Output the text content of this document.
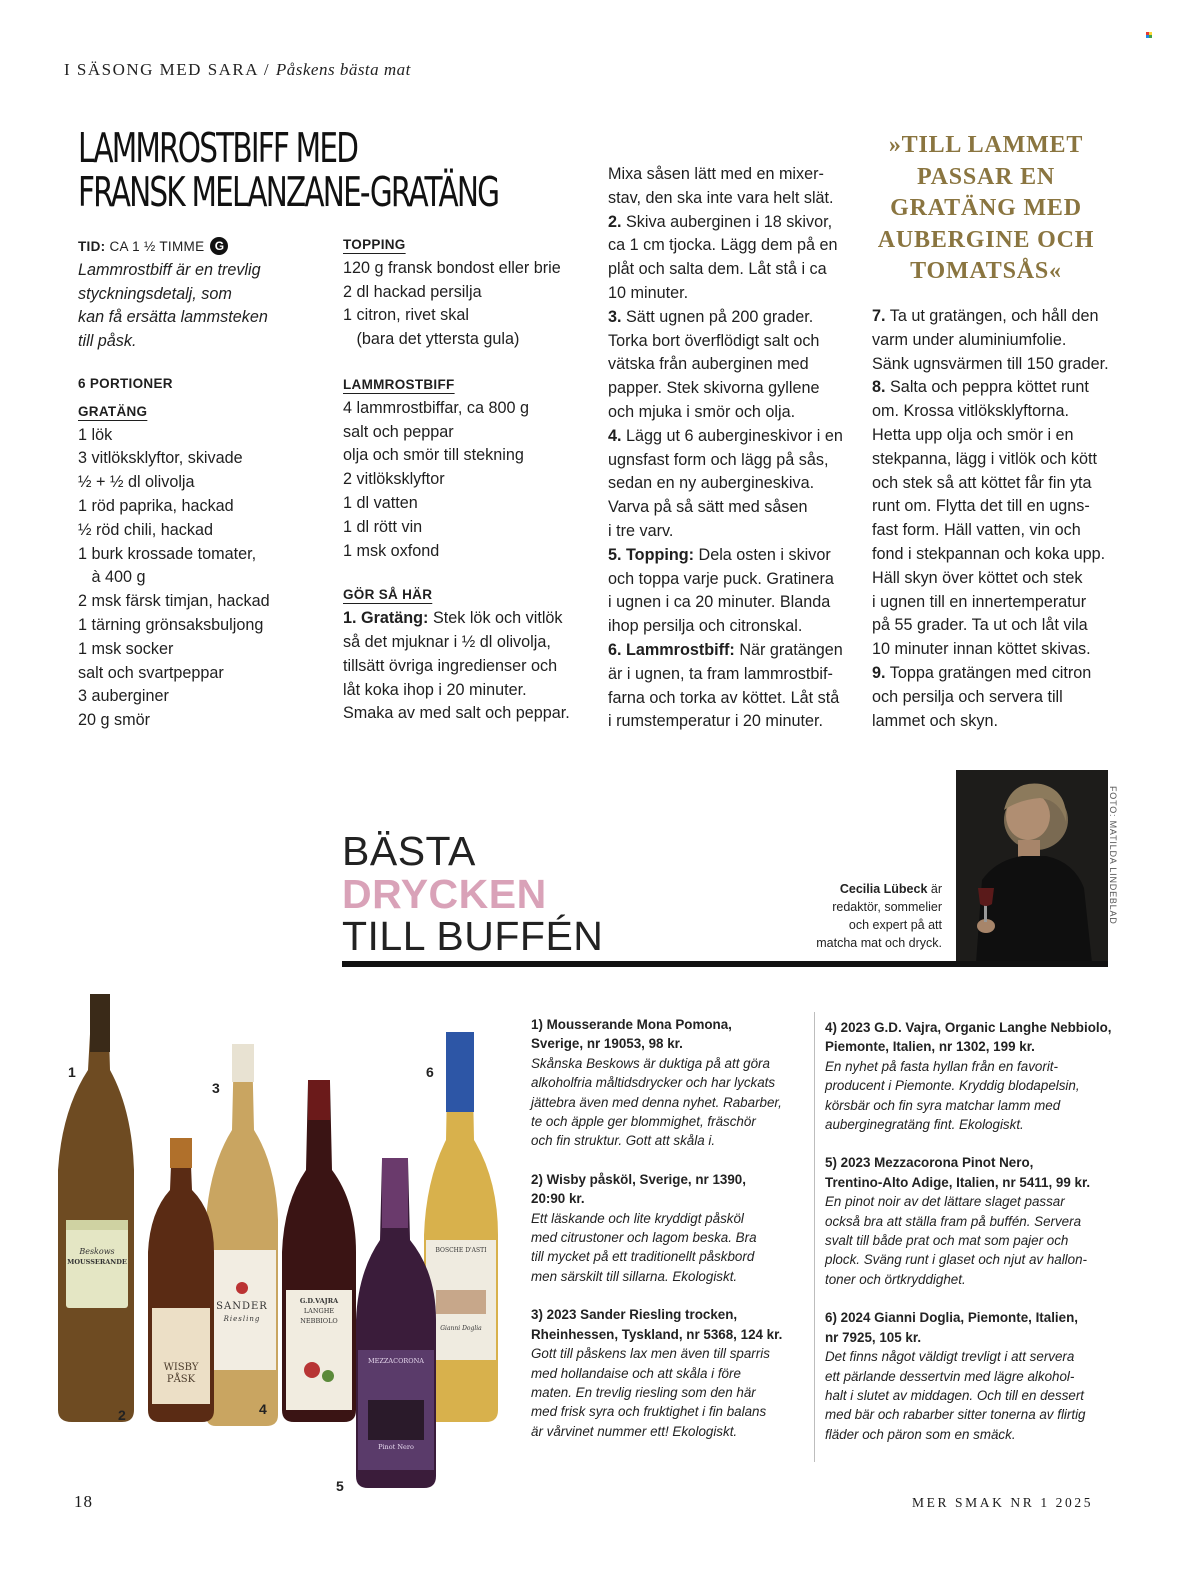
I SÄSONG MED SARA / Påskens bästa mat
LAMMROSTBIFF MED
FRANSK MELANZANE-GRATÄNG

TID: CA 1 ½ TIMME G

Lammrostbiff är en trevlig

styckningsdetalj, som

kan få ersätta lammsteken

till påsk.

6 PORTIONER

GRATÄNG

1 lök

3 vitlöksklyftor, skivade

½ + ½ dl olivolja

1 röd paprika, hackad

½ röd chili, hackad

1 burk krossade tomater,

à 400 g

2 msk färsk timjan, hackad

1 tärning grönsaksbuljong

1 msk socker

salt och svartpeppar

3 auberginer

20 g smör

TOPPING

120 g fransk bondost eller brie

2 dl hackad persilja

1 citron, rivet skal

(bara det yttersta gula)

LAMMROSTBIFF

4 lammrostbiffar, ca 800 g

salt och peppar

olja och smör till stekning

2 vitlöksklyftor

1 dl vatten

1 dl rött vin

1 msk oxfond

GÖR SÅ HÄR

1. Gratäng: Stek lök och vitlök

så det mjuknar i ½ dl olivolja,

tillsätt övriga ingredienser och

låt koka ihop i 20 minuter.

Smaka av med salt och peppar.

Mixa såsen lätt med en mixer-

stav, den ska inte vara helt slät.

2. Skiva auberginen i 18 skivor,

ca 1 cm tjocka. Lägg dem på en

plåt och salta dem. Låt stå i ca

10 minuter.

3. Sätt ugnen på 200 grader.

Torka bort överflödigt salt och

vätska från auberginen med

papper. Stek skivorna gyllene

och mjuka i smör och olja.

4. Lägg ut 6 aubergineskivor i en

ugnsfast form och lägg på sås,

sedan en ny aubergineskiva.

Varva på så sätt med såsen

i tre varv.

5. Topping: Dela osten i skivor

och toppa varje puck. Gratinera

i ugnen i ca 20 minuter. Blanda

ihop persilja och citronskal.

6. Lammrostbiff: När gratängen

är i ugnen, ta fram lammrostbif-

farna och torka av köttet. Låt stå

i rumstemperatur i 20 minuter.

»TILL LAMMET
PASSAR EN
GRATÄNG MED
AUBERGINE OCH
TOMATSÅS«

7. Ta ut gratängen, och håll den

varm under aluminiumfolie.

Sänk ugnsvärmen till 150 grader.

8. Salta och peppra köttet runt

om. Krossa vitlöksklyftorna.

Hetta upp olja och smör i en

stekpanna, lägg i vitlök och kött

och stek så att köttet får fin yta

runt om. Flytta det till en ugns-

fast form. Häll vatten, vin och

fond i stekpannan och koka upp.

Häll skyn över köttet och stek

i ugnen till en innertemperatur

på 55 grader. Ta ut och låt vila

10 minuter innan köttet skivas.

9. Toppa gratängen med citron

och persilja och servera till

lammet och skyn.

BÄSTA
DRYCKEN
TILL BUFFÉN
Cecilia Lübeck är
redaktör, sommelier
och expert på att
matcha mat och dryck.
FOTO: MATILDA LINDEBLAD
Beskows
MOUSSERANDE
WISBY
PÅSK
SANDER
Riesling
G.D.VAJRA
LANGHE NEBBIOLO
MEZZACORONA
Pinot Nero
BOSCHE D'ASTI
Gianni Doglia
1
2
3
4
5
6
1) Mousserande Mona Pomona,
Sverige, nr 19053, 98 kr.
Skånska Beskows är duktiga på att göra
alkoholfria måltidsdrycker och har lyckats
jättebra även med denna nyhet. Rabarber,
te och äpple ger blommighet, fräschör
och fin struktur. Gott att skåla i.
2) Wisby påsköl, Sverige, nr 1390,
20:90 kr.
Ett läskande och lite kryddigt påsköl
med citrustoner och lagom beska. Bra
till mycket på ett traditionellt påskbord
men särskilt till sillarna. Ekologiskt.
3) 2023 Sander Riesling trocken,
Rheinhessen, Tyskland, nr 5368, 124 kr.
Gott till påskens lax men även till sparris
med hollandaise och att skåla i före
maten. En trevlig riesling som den här
med frisk syra och fruktighet i fin balans
är vårvinet nummer ett! Ekologiskt.
4) 2023 G.D. Vajra, Organic Langhe Nebbiolo,
Piemonte, Italien, nr 1302, 199 kr.
En nyhet på fasta hyllan från en favorit-
producent i Piemonte. Kryddig blodapelsin,
körsbär och fin syra matchar lamm med
auberginegratäng fint. Ekologiskt.
5) 2023 Mezzacorona Pinot Nero,
Trentino-Alto Adige, Italien, nr 5411, 99 kr.
En pinot noir av det lättare slaget passar
också bra att ställa fram på buffén. Servera
svalt till både prat och mat som pajer och
plock. Sväng runt i glaset och njut av hallon-
toner och örtkryddighet.
6) 2024 Gianni Doglia, Piemonte, Italien,
nr 7925, 105 kr.
Det finns något väldigt trevligt i att servera
ett pärlande dessertvin med lägre alkohol-
halt i slutet av middagen. Och till en dessert
med bär och rabarber sitter tonerna av flirtig
fläder och päron som en smäck.
18	MER SMAK NR 1 2025
